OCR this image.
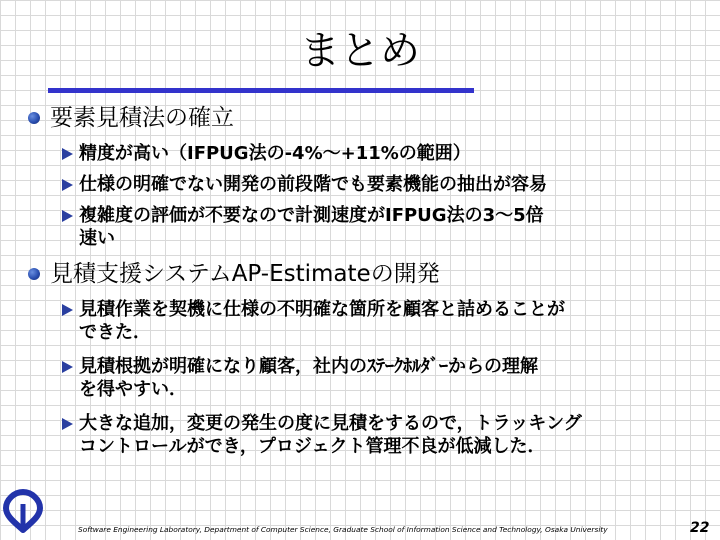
まとめ
要素見積法の確立
精度が高い（IFPUG法の-4%～+11%の範囲）
仕様の明確でない開発の前段階でも要素機能の抽出が容易
複雑度の評価が不要なので計測速度がIFPUG法の3～5倍
速い
見積支援システムAP-Estimateの開発
見積作業を契機に仕様の不明確な箇所を顧客と詰めることが
できた．
見積根拠が明確になり顧客，社内のｽﾃｰｸﾎﾙﾀﾞｰからの理解
を得やすい．
大きな追加，変更の発生の度に見積をするので，トラッキング
コントロールができ，プロジェクト管理不良が低減した．
Software Engineering Laboratory, Department of Computer Science, Graduate School of Information Science and Technology, Osaka University	22
